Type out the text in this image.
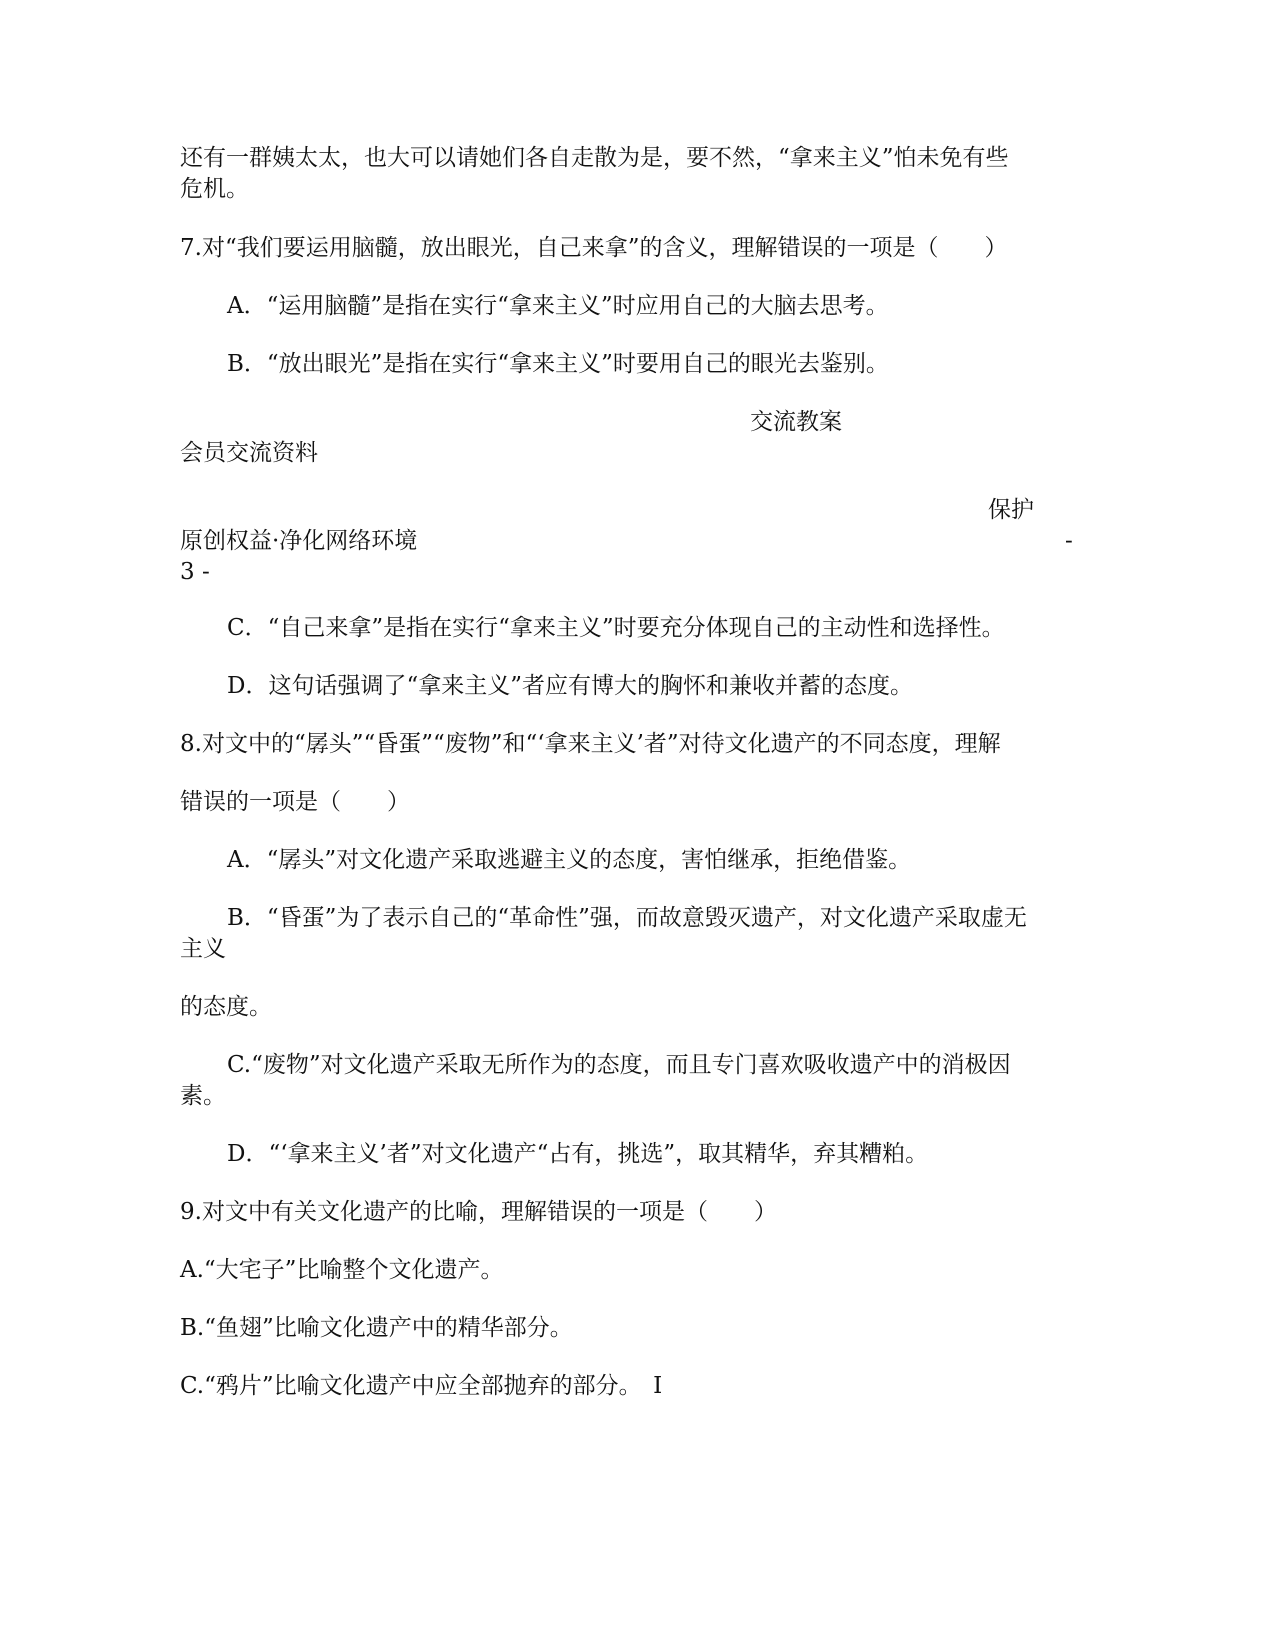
还有一群姨太太，也大可以请她们各自走散为是，要不然，“拿来主义”怕未免有些
危机。
7.对“我们要运用脑髓，放出眼光，自己来拿”的含义，理解错误的一项是（　　）
A．“运用脑髓”是指在实行“拿来主义”时应用自己的大脑去思考。
B．“放出眼光”是指在实行“拿来主义”时要用自己的眼光去鉴别。
交流教案
会员交流资料
保护
原创权益·净化网络环境	-
3 -
C．“自己来拿”是指在实行“拿来主义”时要充分体现自己的主动性和选择性。
D．这句话强调了“拿来主义”者应有博大的胸怀和兼收并蓄的态度。
8.对文中的“孱头”“昏蛋”“废物”和“‘拿来主义’者”对待文化遗产的不同态度，理解
错误的一项是（　　）
A．“孱头”对文化遗产采取逃避主义的态度，害怕继承，拒绝借鉴。
B．“昏蛋”为了表示自己的“革命性”强，而故意毁灭遗产，对文化遗产采取虚无
主义
的态度。
C.“废物”对文化遗产采取无所作为的态度，而且专门喜欢吸收遗产中的消极因
素。
D．“‘拿来主义’者”对文化遗产“占有，挑选”，取其精华，弃其糟粕。
9.对文中有关文化遗产的比喻，理解错误的一项是（　　）
A.“大宅子”比喻整个文化遗产。
B.“鱼翅”比喻文化遗产中的精华部分。
C.“鸦片”比喻文化遗产中应全部抛弃的部分。　I
